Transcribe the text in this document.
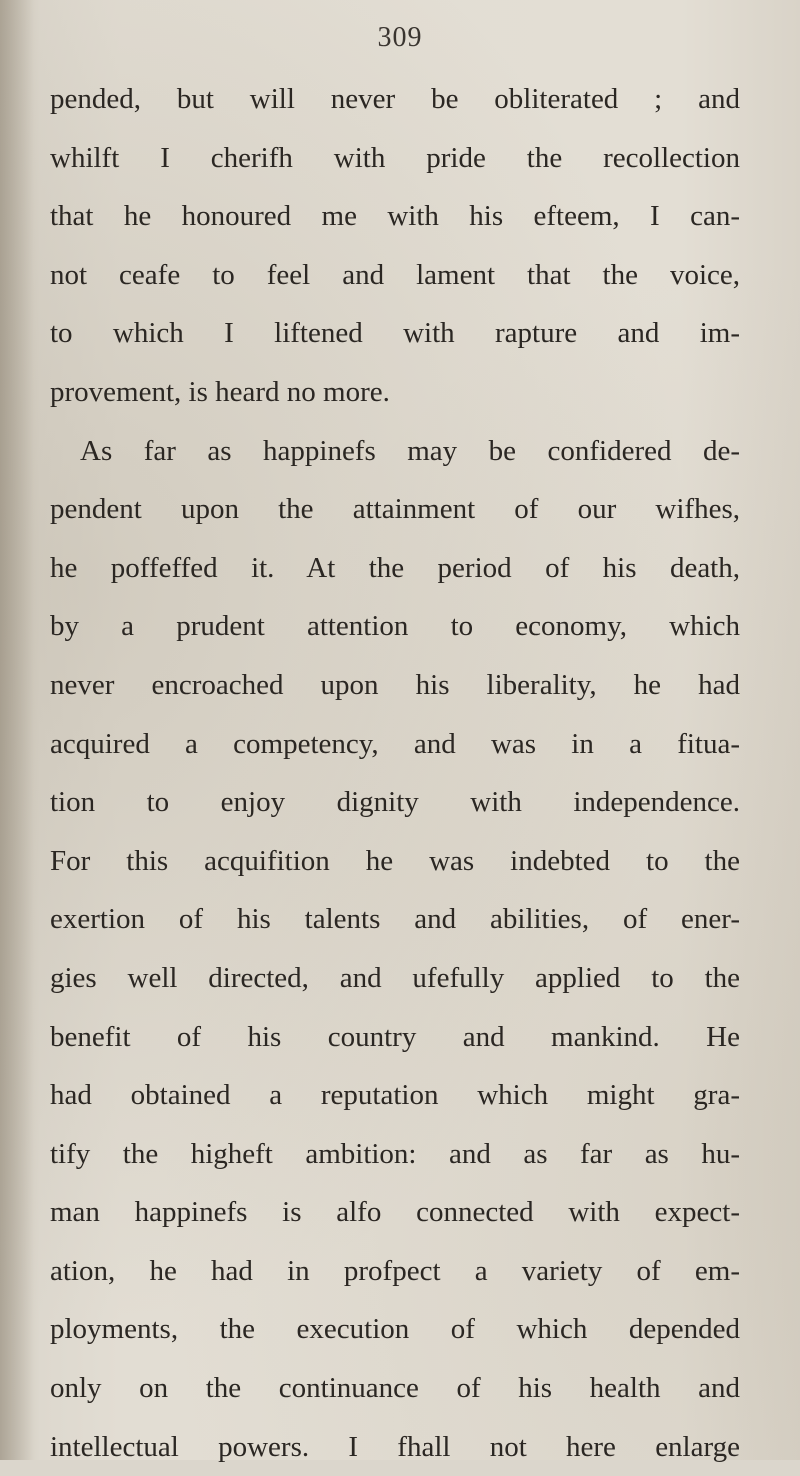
309

pended, but will never be obliterated ; and
whilft I cherifh with pride the recollection
that he honoured me with his efteem, I can-
not ceafe to feel and lament that the voice,
to which I liftened with rapture and im-
provement, is heard no more.
As far as happinefs may be confidered de-
pendent upon the attainment of our wifhes,
he poffeffed it. At the period of his death,
by a prudent attention to economy, which
never encroached upon his liberality, he had
acquired a competency, and was in a fitua-
tion to enjoy dignity with independence.
For this acquifition he was indebted to the
exertion of his talents and abilities, of ener-
gies well directed, and ufefully applied to the
benefit of his country and mankind. He
had obtained a reputation which might gra-
tify the higheft ambition: and as far as hu-
man happinefs is alfo connected with expect-
ation, he had in profpect a variety of em-
ployments, the execution of which depended
only on the continuance of his health and
intellectual powers. I fhall not here enlarge
